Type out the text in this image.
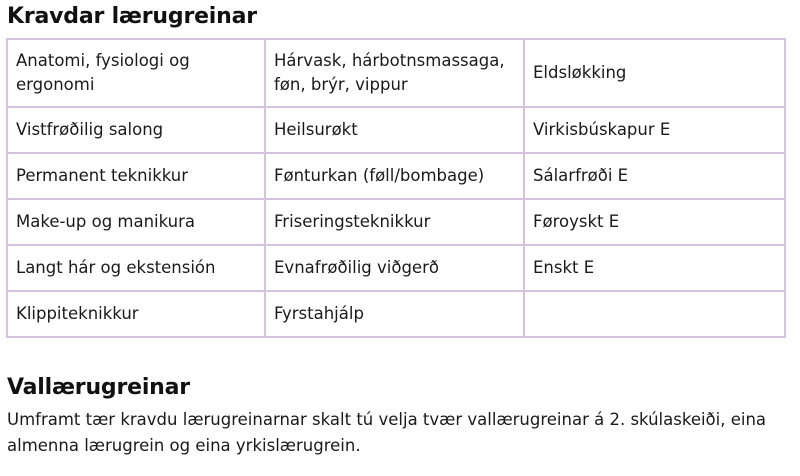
Kravdar lærugreinar
Anatomi, fysiologi og ergonomi	Hárvask, hárbotnsmassaga, føn, brýr, vippur	Eldsløkking
Vistfrøðilig salong	Heilsurøkt	Virkisbúskapur E
Permanent teknikkur	Fønturkan (føll/bombage)	Sálarfrøði E
Make-up og manikura	Friseringsteknikkur	Føroyskt E
Langt hár og ekstensión	Evnafrøðilig viðgerð	Enskt E
Klippiteknikkur	Fyrstahjálp	
Vallærugreinar

Umframt tær kravdu lærugreinarnar skalt tú velja tvær vallærugreinar á 2. skúlaskeiði, eina almenna lærugrein og eina yrkislærugrein.
